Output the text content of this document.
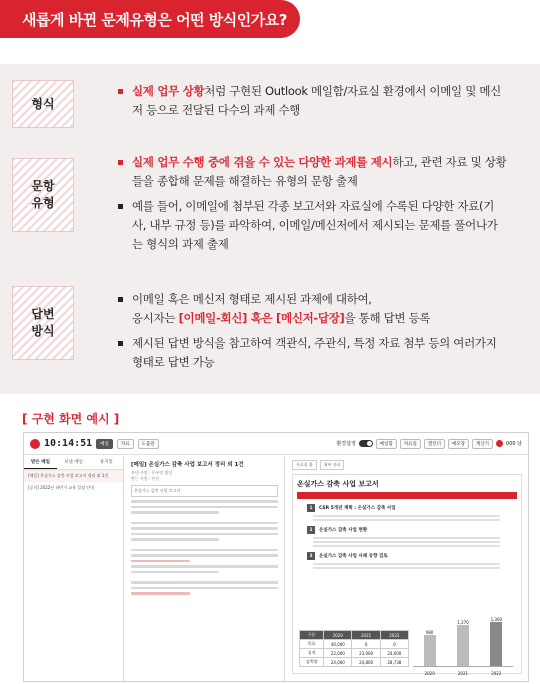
새롭게 바뀐 문제유형은 어떤 방식인가요?
형식
실제 업무 상황처럼 구현된 Outlook 메일함/자료실 환경에서 이메일 및 메신저 등으로 전달된 다수의 과제 수행
문항
유형
실제 업무 수행 중에 겪을 수 있는 다양한 과제를 제시하고, 관련 자료 및 상황들을 종합해 문제를 해결하는 유형의 문항 출제
예를 들어, 이메일에 첨부된 각종 보고서와 자료실에 수록된 다양한 자료(기사, 내부 규정 등)를 파악하여, 이메일/메신저에서 제시되는 문제를 풀어나가는 형식의 과제 출제
답변
방식
이메일 혹은 메신저 형태로 제시된 과제에 대하여,
응시자는 [이메일-회신] 혹은 [메신저-답장]을 통해 답변 등록
제시된 답변 방식을 참고하여 객관식, 주관식, 특정 자료 첨부 등의 여러가지 형태로 답변 가능
[ 구현 화면 예시 ]
10:14:51	메일	자료	도움말	환경설정	메일함	자료실	캘린더	메모장	계산기	000 남
받은 메일	보낸 메일	휴지통
[메일] 온실가스 감축 사업 보고서 정리 외 1건
[공지] 2022년 하반기 교육 일정 안내
[메일] 온실가스 감축 사업 보고서 정리 외 1건
보낸 사람 : 본부장 팀장
받는 사람 : 본인
온실가스 감축 사업 보고서
자료실 홈	첨부 자료
온실가스 감축 사업 보고서
1	CSR 5개년 계획 : 온실가스 감축 사업
2	온실가스 감축 사업 현황
3	온실가스 감축 사업 사례 동향 검토
구분	2020	2021	2022
목표	40,000	0	0
실적	22,000	23,000	24,000
감축량	24,000	24,800	28,738
980
2020
1,270
2021
1,360
2022
